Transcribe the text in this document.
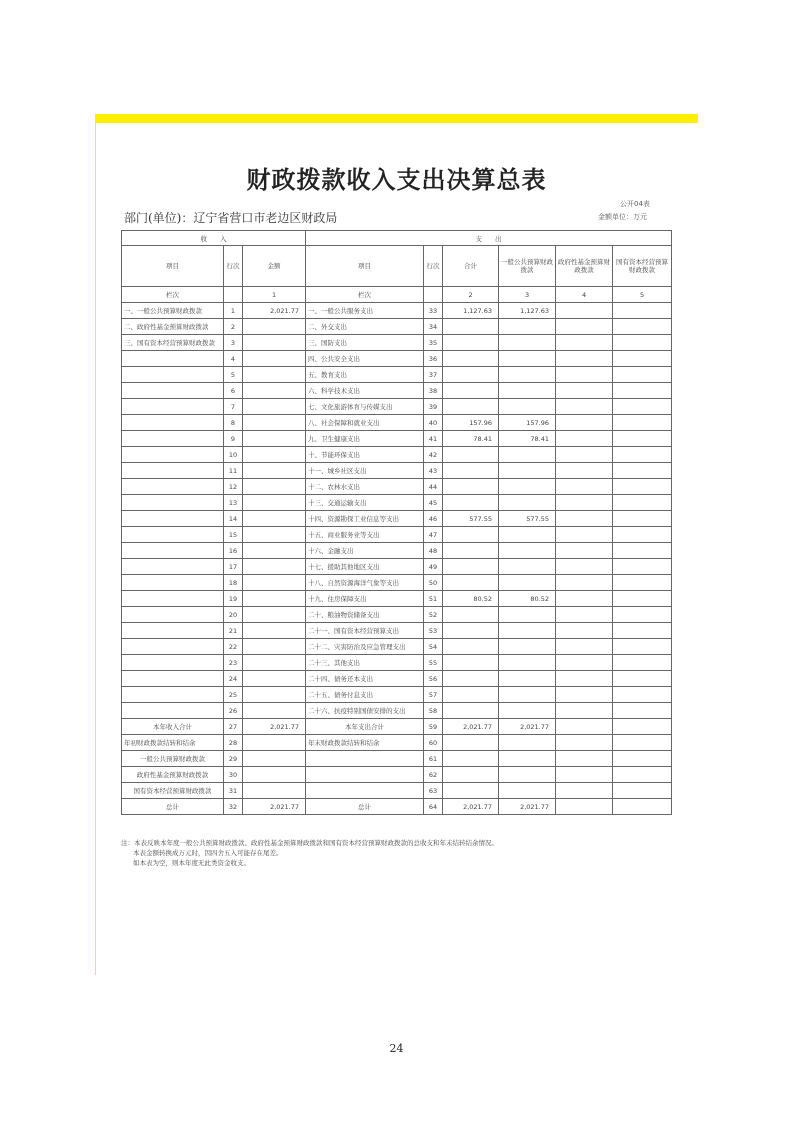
财政拨款收入支出决算总表
公开04表
金额单位：万元
部门(单位)：辽宁省营口市老边区财政局
收　　入			支　　出					
项目	行次	金额	项目	行次	合计	一般公共预算财政拨款	政府性基金预算财政拨款	国有资本经营预算财政拨款
栏次		1	栏次		2	3	4	5
一、一般公共预算财政拨款	1	2,021.77	一、一般公共服务支出	33	1,127.63	1,127.63		
二、政府性基金预算财政拨款	2		二、外交支出	34				
三、国有资本经营预算财政拨款	3		三、国防支出	35				
	4		四、公共安全支出	36				
	5		五、教育支出	37				
	6		六、科学技术支出	38				
	7		七、文化旅游体育与传媒支出	39				
	8		八、社会保障和就业支出	40	157.96	157.96		
	9		九、卫生健康支出	41	78.41	78.41		
	10		十、节能环保支出	42				
	11		十一、城乡社区支出	43				
	12		十二、农林水支出	44				
	13		十三、交通运输支出	45				
	14		十四、资源勘探工业信息等支出	46	577.55	577.55		
	15		十五、商业服务业等支出	47				
	16		十六、金融支出	48				
	17		十七、援助其他地区支出	49				
	18		十八、自然资源海洋气象等支出	50				
	19		十九、住房保障支出	51	80.52	80.52		
	20		二十、粮油物资储备支出	52				
	21		二十一、国有资本经营预算支出	53				
	22		二十二、灾害防治及应急管理支出	54				
	23		二十三、其他支出	55				
	24		二十四、债务还本支出	56				
	25		二十五、债务付息支出	57				
	26		二十六、抗疫特别国债安排的支出	58				
本年收入合计	27	2,021.77	本年支出合计	59	2,021.77	2,021.77		
年初财政拨款结转和结余	28		年末财政拨款结转和结余	60				
一般公共预算财政拨款	29			61				
政府性基金预算财政拨款	30			62				
国有资本经营预算财政拨款	31			63				
总计	32	2,021.77	总计	64	2,021.77	2,021.77		
注：本表反映本年度一般公共预算财政拨款、政府性基金预算财政拨款和国有资本经营预算财政拨款的总收支和年末结转结余情况。
本表金额转换成万元时，因四舍五入可能存在尾差。
如本表为空，则本年度无此类资金收支。
24
